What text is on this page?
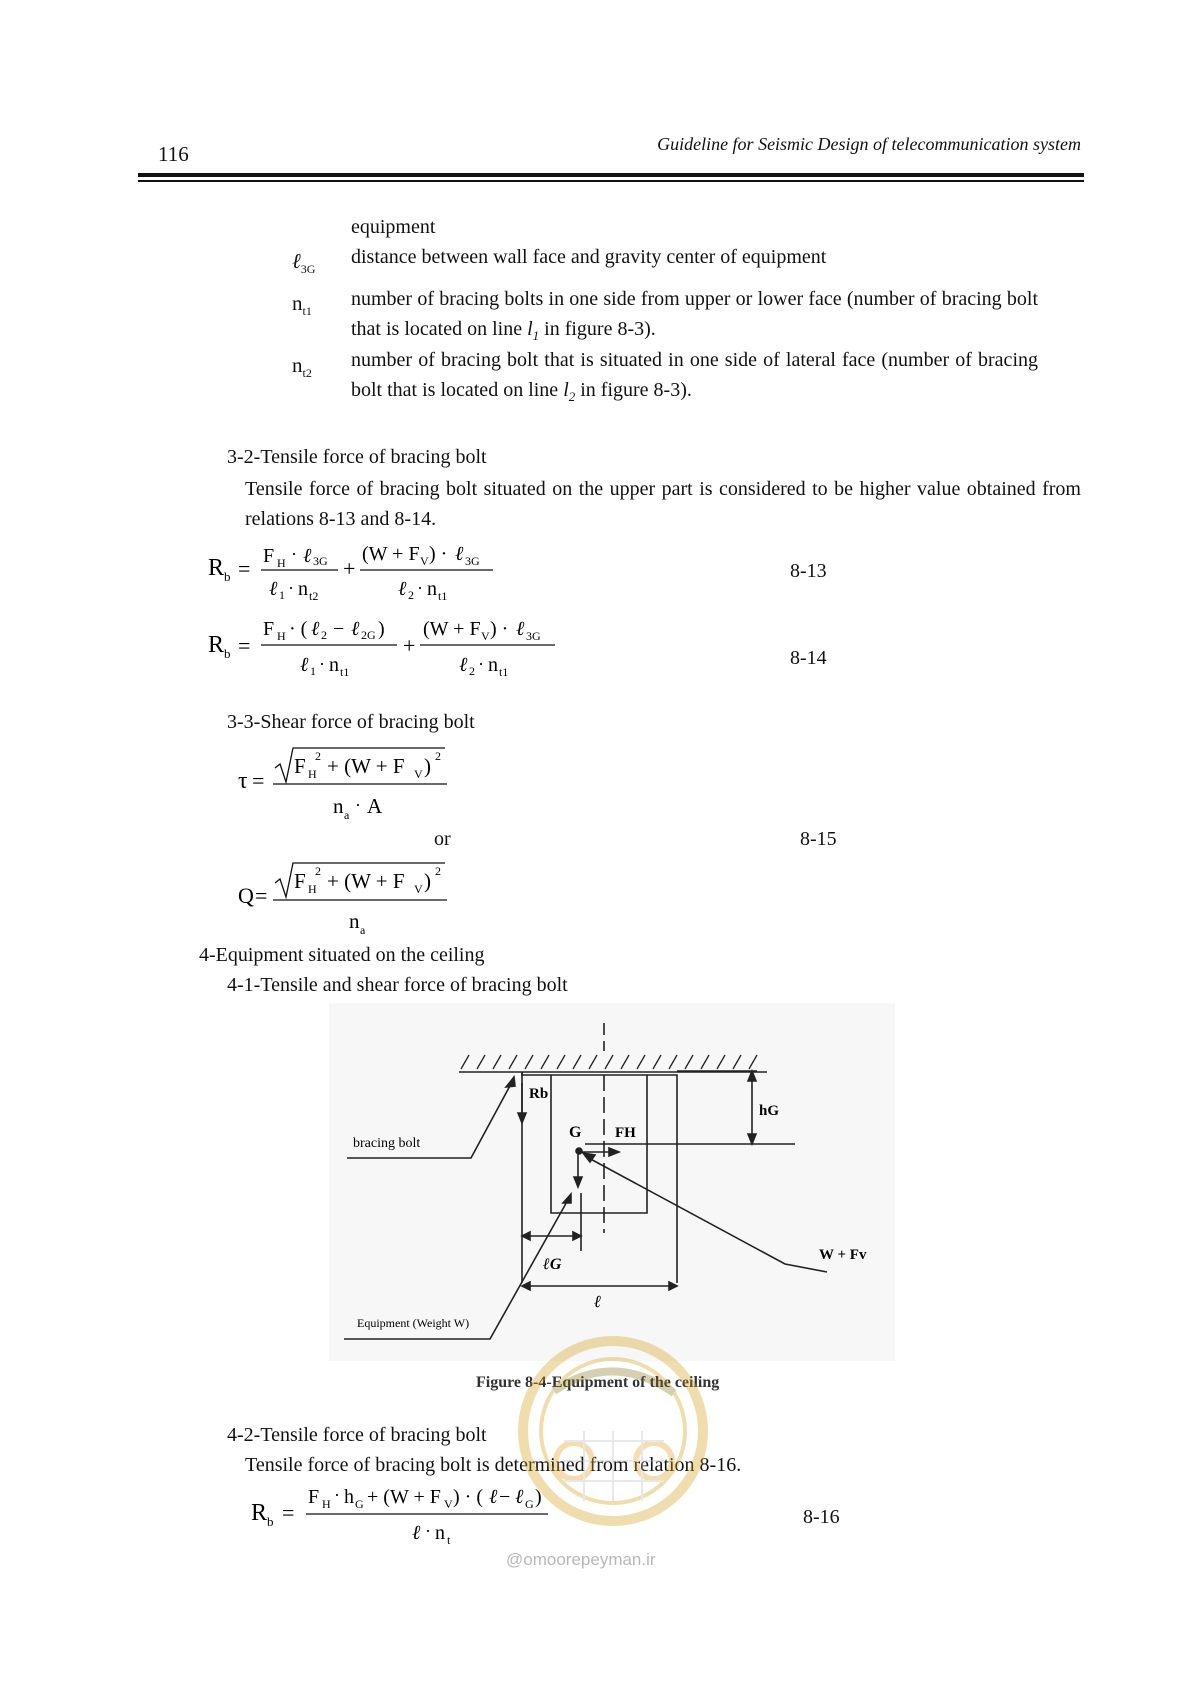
116	Guideline for Seismic Design of telecommunication system
equipment
ℓ$_{3G}$
distance between wall face and gravity center of equipment
$n_{t1}$
number of bracing bolts in one side from upper or lower face (number of bracing bolt that is located on line $l_1$ in figure 8-3).
$n_{t2}$
number of bracing bolt that is situated in one side of lateral face (number of bracing bolt that is located on line $l_2$ in figure 8-3).
3-2-Tensile force of bracing bolt
Tensile force of bracing bolt situated on the upper part is considered to be higher value obtained from relations 8-13 and 8-14.
R b = F H · ℓ 3G
ℓ 1 · n t2
+
(W + F V ) · ℓ 3G
ℓ 2 · n t1
8-13
R b =
F H · ( ℓ 2 − ℓ 2G )
ℓ 1 · n t1
+
(W + F V ) · ℓ 3G
ℓ 2 · n t1
8-14
3-3-Shear force of bracing bolt
τ =
F H
2 + (W + F V ) 2
n a · A
or	8-15
Q =
F H
2 + (W + F V ) 2
n a
4-Equipment situated on the ceiling
4-1-Tensile and shear force of bracing bolt
Rb
G FH
hG
W + Fv
ℓG
ℓ
bracing bolt
Equipment (Weight W)
Figure 8-4-Equipment of the ceiling
4-2-Tensile force of bracing bolt
Tensile force of bracing bolt is determined from relation 8-16.
R b =
F H · h G + (W + F V ) · ( ℓ − ℓ G )
ℓ · n t
8-16
@omoorepeyman.ir
